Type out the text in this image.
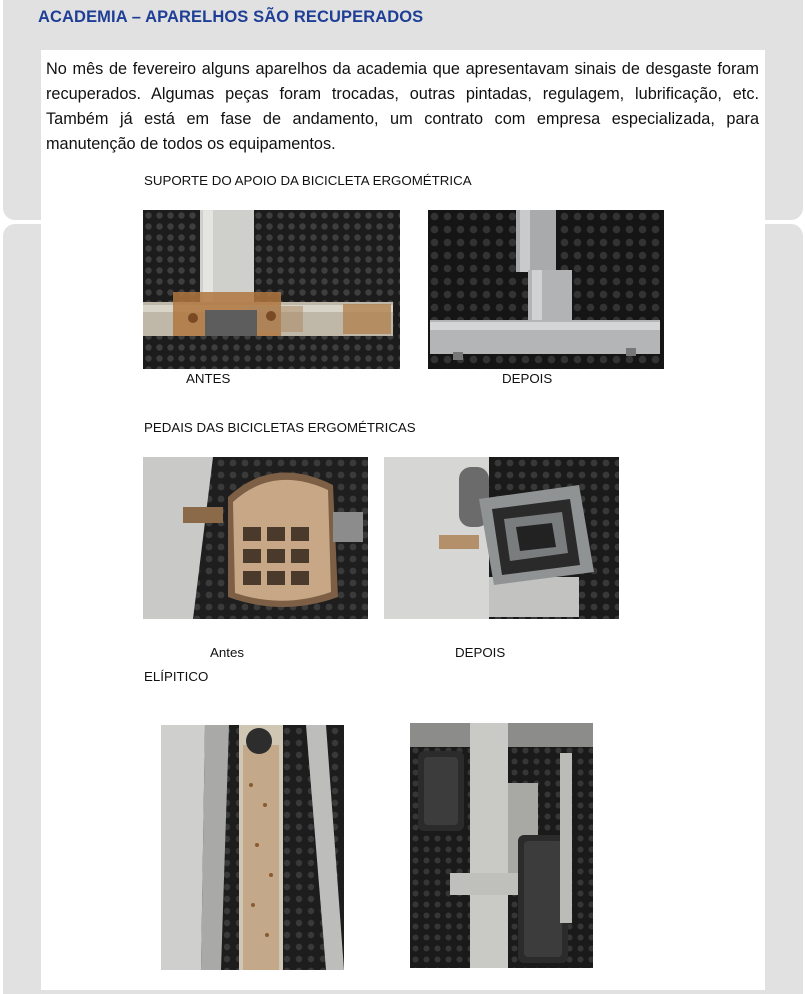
ACADEMIA – APARELHOS SÃO RECUPERADOS

No mês de fevereiro alguns aparelhos da academia que apresentavam sinais de desgaste foram recuperados. Algumas peças foram trocadas, outras pintadas, regulagem, lubrificação, etc. Também já está em fase de andamento, um contrato com empresa especializada, para manutenção de todos os equipamentos.

SUPORTE DO APOIO DA BICICLETA ERGOMÉTRICA

ANTES	DEPOIS

PEDAIS DAS BICICLETAS ERGOMÉTRICAS

Antes	DEPOIS

ELÍPITICO
